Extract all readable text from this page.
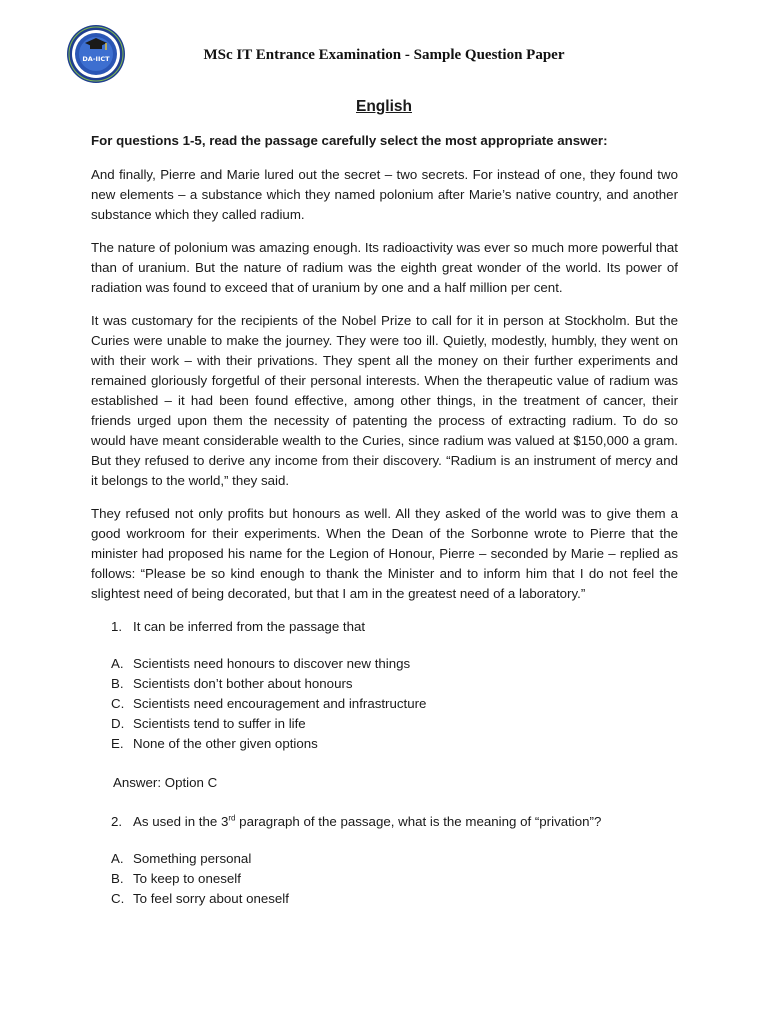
DA-IICT	MSc IT Entrance Examination - Sample Question Paper
English

For questions 1-5, read the passage carefully select the most appropriate answer:

And finally, Pierre and Marie lured out the secret – two secrets. For instead of one, they found two new elements – a substance which they named polonium after Marie’s native country, and another substance which they called radium.

The nature of polonium was amazing enough. Its radioactivity was ever so much more powerful that than of uranium. But the nature of radium was the eighth great wonder of the world. Its power of radiation was found to exceed that of uranium by one and a half million per cent.

It was customary for the recipients of the Nobel Prize to call for it in person at Stockholm. But the Curies were unable to make the journey. They were too ill. Quietly, modestly, humbly, they went on with their work – with their privations. They spent all the money on their further experiments and remained gloriously forgetful of their personal interests. When the therapeutic value of radium was established – it had been found effective, among other things, in the treatment of cancer, their friends urged upon them the necessity of patenting the process of extracting radium. To do so would have meant considerable wealth to the Curies, since radium was valued at $150,000 a gram. But they refused to derive any income from their discovery. “Radium is an instrument of mercy and it belongs to the world,” they said.

They refused not only profits but honours as well. All they asked of the world was to give them a good workroom for their experiments. When the Dean of the Sorbonne wrote to Pierre that the minister had proposed his name for the Legion of Honour, Pierre – seconded by Marie – replied as follows: “Please be so kind enough to thank the Minister and to inform him that I do not feel the slightest need of being decorated, but that I am in the greatest need of a laboratory.”

1. It can be inferred from the passage that
A. Scientists need honours to discover new things
B. Scientists don’t bother about honours
C. Scientists need encouragement and infrastructure
D. Scientists tend to suffer in life
E. None of the other given options

Answer: Option C

2. As used in the 3rd paragraph of the passage, what is the meaning of “privation”?
A. Something personal
B. To keep to oneself
C. To feel sorry about oneself
